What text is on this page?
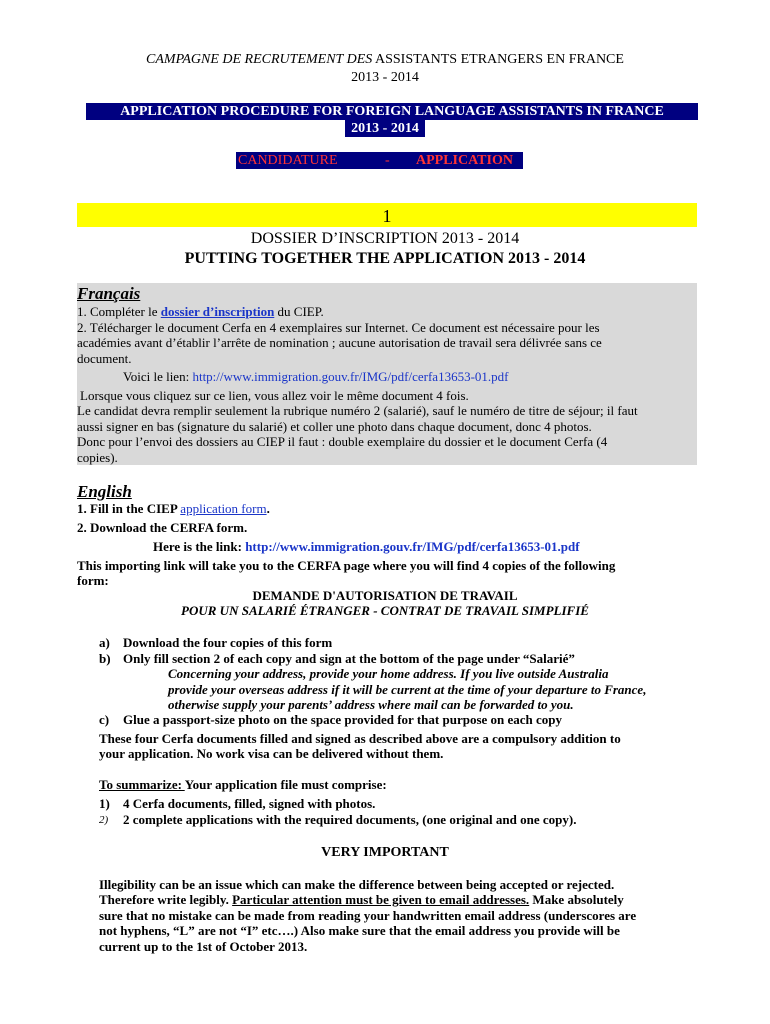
CAMPAGNE DE RECRUTEMENT DES ASSISTANTS ETRANGERS EN FRANCE
2013 - 2014
APPLICATION PROCEDURE FOR FOREIGN LANGUAGE ASSISTANTS IN FRANCE
2013 - 2014
CANDIDATURE	- APPLICATION
1
DOSSIER D’INSCRIPTION 2013 - 2014
PUTTING TOGETHER THE APPLICATION 2013 - 2014
Français
1. Compléter le dossier d’inscription du CIEP.
2. Télécharger le document Cerfa en 4 exemplaires sur Internet. Ce document est nécessaire pour les
académies avant d’établir l’arrête de nomination ; aucune autorisation de travail sera délivrée sans ce
document.
Voici le lien: http://www.immigration.gouv.fr/IMG/pdf/cerfa13653-01.pdf
Lorsque vous cliquez sur ce lien, vous allez voir le même document 4 fois.
Le candidat devra remplir seulement la rubrique numéro 2 (salarié), sauf le numéro de titre de séjour; il faut
aussi signer en bas (signature du salarié) et coller une photo dans chaque document, donc 4 photos.
Donc pour l’envoi des dossiers au CIEP il faut : double exemplaire du dossier et le document Cerfa (4
copies).
English
1. Fill in the CIEP application form.
2. Download the CERFA form.
Here is the link: http://www.immigration.gouv.fr/IMG/pdf/cerfa13653-01.pdf
This importing link will take you to the CERFA page where you will find 4 copies of the following
form:
DEMANDE D'AUTORISATION DE TRAVAIL
POUR UN SALARIÉ ÉTRANGER - CONTRAT DE TRAVAIL SIMPLIFIÉ
a) Download the four copies of this form
b) Only fill section 2 of each copy and sign at the bottom of the page under “Salarié”
Concerning your address, provide your home address. If you live outside Australia
provide your overseas address if it will be current at the time of your departure to France,
otherwise supply your parents’ address where mail can be forwarded to you.
c) Glue a passport-size photo on the space provided for that purpose on each copy
These four Cerfa documents filled and signed as described above are a compulsory addition to
your application. No work visa can be delivered without them.
To summarize: Your application file must comprise:
1) 4 Cerfa documents, filled, signed with photos.
2) 2 complete applications with the required documents, (one original and one copy).
VERY IMPORTANT
Illegibility can be an issue which can make the difference between being accepted or rejected.
Therefore write legibly. Particular attention must be given to email addresses. Make absolutely
sure that no mistake can be made from reading your handwritten email address (underscores are
not hyphens, “L” are not “I” etc….) Also make sure that the email address you provide will be
current up to the 1st of October 2013.
